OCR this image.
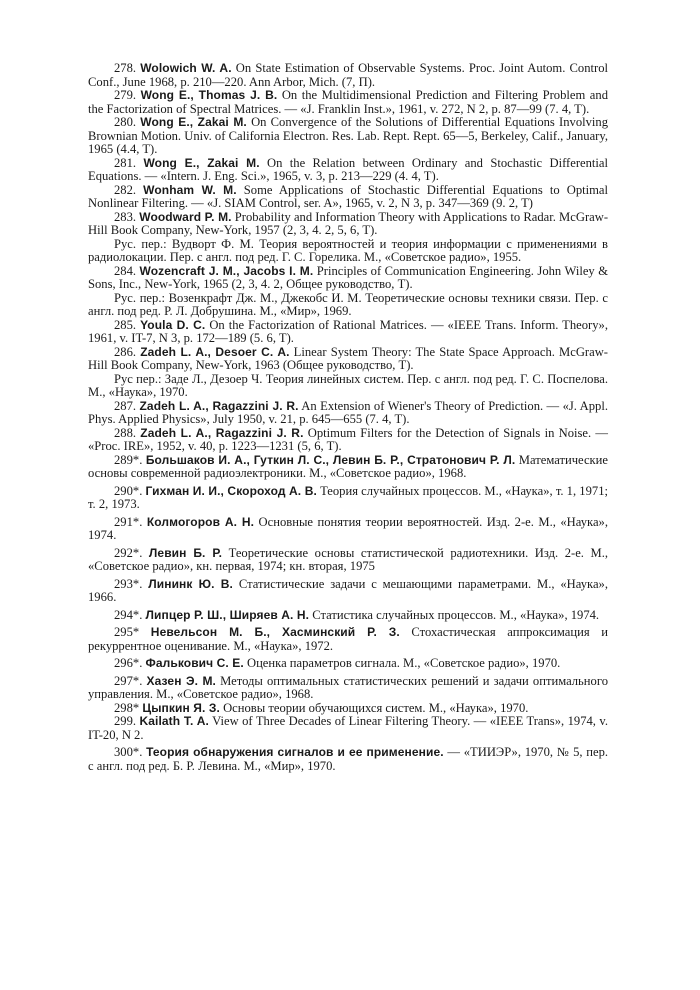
278. Wolowich W. A. On State Estimation of Observable Systems. Proc. Joint Autom. Control Conf., June 1968, p. 210—220. Ann Arbor, Mich. (7, П).

279. Wong E., Thomas J. B. On the Multidimensional Prediction and Filtering Problem and the Factorization of Spectral Matrices. — «J. Franklin Inst.», 1961, v. 272, N 2, p. 87—99 (7. 4, T).

280. Wong E., Zakai M. On Convergence of the Solutions of Differential Equations Involving Brownian Motion. Univ. of California Electron. Res. Lab. Rept. Rept. 65—5, Berkeley, Calif., January, 1965 (4.4, T).

281. Wong E., Zakai M. On the Relation between Ordinary and Stochastic Differential Equations. — «Intern. J. Eng. Sci.», 1965, v. 3, p. 213—229 (4. 4, T).

282. Wonham W. M. Some Applications of Stochastic Differential Equations to Optimal Nonlinear Filtering. — «J. SIAM Control, ser. A», 1965, v. 2, N 3, p. 347—369 (9. 2, T)

283. Woodward P. M. Probability and Information Theory with Applications to Radar. McGraw-Hill Book Company, New-York, 1957 (2, 3, 4. 2, 5, 6, T).

Рус. пер.: Вудворт Ф. М. Теория вероятностей и теория информации с применениями в радиолокации. Пер. с англ. под ред. Г. С. Горелика. М., «Советское радио», 1955.

284. Wozencraft J. M., Jacobs I. M. Principles of Communication Engineering. John Wiley & Sons, Inc., New-York, 1965 (2, 3, 4. 2, Общее руководство, T).

Рус. пер.: Возенкрафт Дж. М., Джекобс И. М. Теоретические основы техники связи. Пер. с англ. под ред. Р. Л. Добрушина. М., «Мир», 1969.

285. Youla D. C. On the Factorization of Rational Matrices. — «IEEE Trans. Inform. Theory», 1961, v. IT-7, N 3, p. 172—189 (5. 6, T).

286. Zadeh L. A., Desoer C. A. Linear System Theory: The State Space Approach. McGraw-Hill Book Company, New-York, 1963 (Общее руководство, T).

Рус пер.: Заде Л., Дезоер Ч. Теория линейных систем. Пер. с англ. под ред. Г. С. Поспелова. М., «Наука», 1970.

287. Zadeh L. A., Ragazzini J. R. An Extension of Wiener's Theory of Prediction. — «J. Appl. Phys. Applied Physics», July 1950, v. 21, p. 645—655 (7. 4, T).

288. Zadeh L. A., Ragazzini J. R. Optimum Filters for the Detection of Signals in Noise. — «Proc. IRE», 1952, v. 40, p. 1223—1231 (5, 6, T).

289*. Большаков И. А., Гуткин Л. С., Левин Б. Р., Стратонович Р. Л. Математические основы современной радиоэлектроники. М., «Советское радио», 1968.

290*. Гихман И. И., Скороход А. В. Теория случайных процессов. М., «Наука», т. 1, 1971; т. 2, 1973.

291*. Колмогоров А. Н. Основные понятия теории вероятностей. Изд. 2-е. М., «Наука», 1974.

292*. Левин Б. Р. Теоретические основы статистической радиотехники. Изд. 2-е. М., «Советское радио», кн. первая, 1974; кн. вторая, 1975

293*. Лининк Ю. В. Статистические задачи с мешающими параметрами. М., «Наука», 1966.

294*. Липцер Р. Ш., Ширяев А. Н. Статистика случайных процессов. М., «Наука», 1974.

295* Невельсон М. Б., Хасминский Р. З. Стохастическая аппроксимация и рекуррентное оценивание. М., «Наука», 1972.

296*. Фалькович С. Е. Оценка параметров сигнала. М., «Советское радио», 1970.

297*. Хазен Э. М. Методы оптимальных статистических решений и задачи оптимального управления. М., «Советское радио», 1968.

298* Цыпкин Я. З. Основы теории обучающихся систем. М., «Наука», 1970.

299. Kailath T. A. View of Three Decades of Linear Filtering Theory. — «IEEE Trans», 1974, v. IT-20, N 2.

300*. Теория обнаружения сигналов и ее применение. — «ТИИЭР», 1970, № 5, пер. с англ. под ред. Б. Р. Левина. М., «Мир», 1970.
